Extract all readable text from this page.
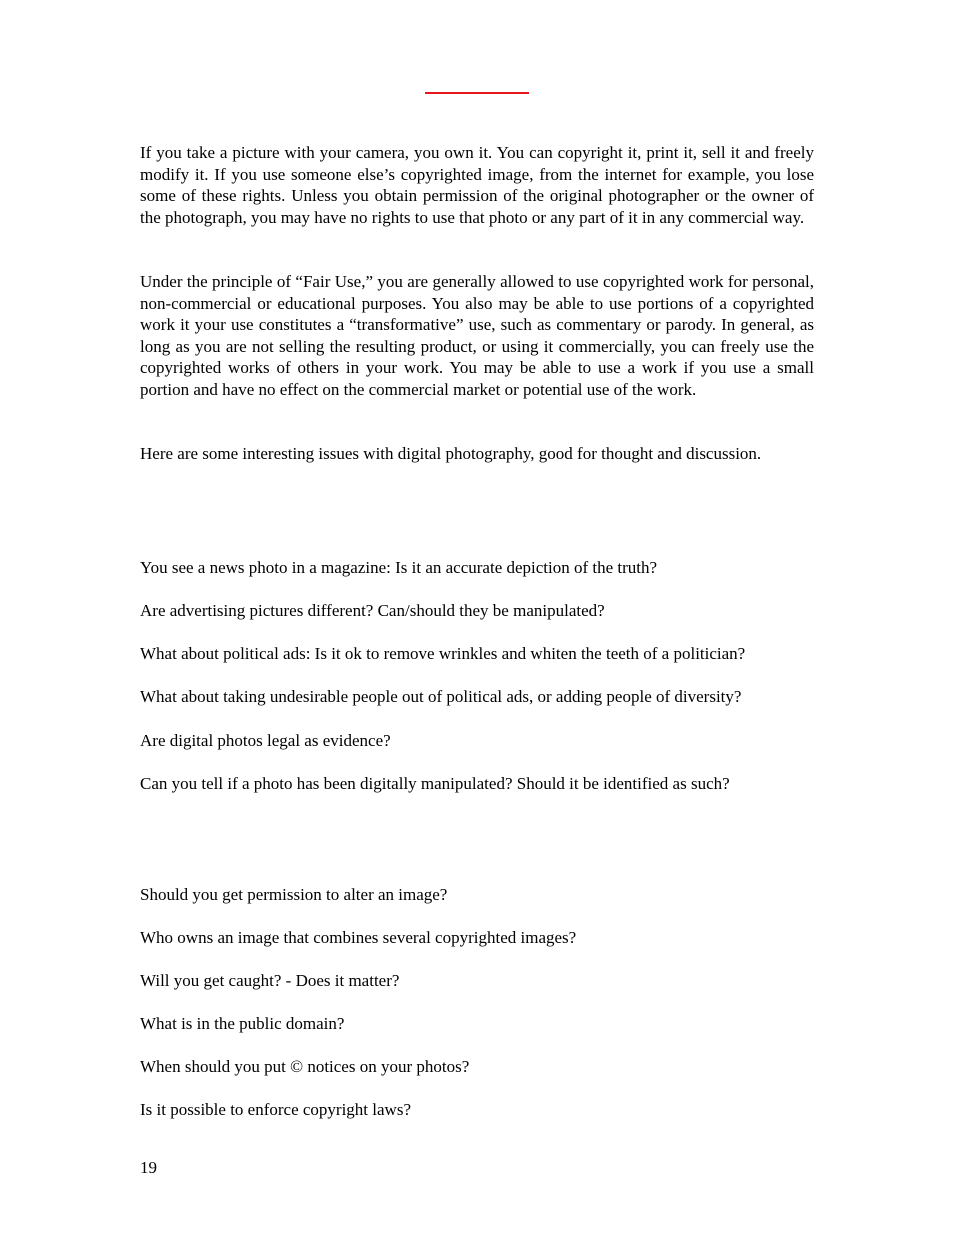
If you take a picture with your camera, you own it. You can copyright it, print it, sell it and freely modify it. If you use someone else’s copyrighted image, from the internet for example, you lose some of these rights. Unless you obtain permission of the original photographer or the owner of the photograph, you may have no rights to use that photo or any part of it in any commercial way.

Under the principle of “Fair Use,” you are generally allowed to use copyrighted work for personal, non-commercial or educational purposes. You also may be able to use portions of a copyrighted work it your use constitutes a “transformative” use, such as commentary or parody. In general, as long as you are not selling the resulting product, or using it commercially, you can freely use the copyrighted works of others in your work. You may be able to use a work if you use a small portion and have no effect on the commercial market or potential use of the work.

Here are some interesting issues with digital photography, good for thought and discussion.

You see a news photo in a magazine: Is it an accurate depiction of the truth?

Are advertising pictures different? Can/should they be manipulated?

What about political ads: Is it ok to remove wrinkles and whiten the teeth of a politician?

What about taking undesirable people out of political ads, or adding people of diversity?

Are digital photos legal as evidence?

Can you tell if a photo has been digitally manipulated? Should it be identified as such?

Should you get permission to alter an image?

Who owns an image that combines several copyrighted images?

Will you get caught? - Does it matter?

What is in the public domain?

When should you put © notices on your photos?

Is it possible to enforce copyright laws?

19
